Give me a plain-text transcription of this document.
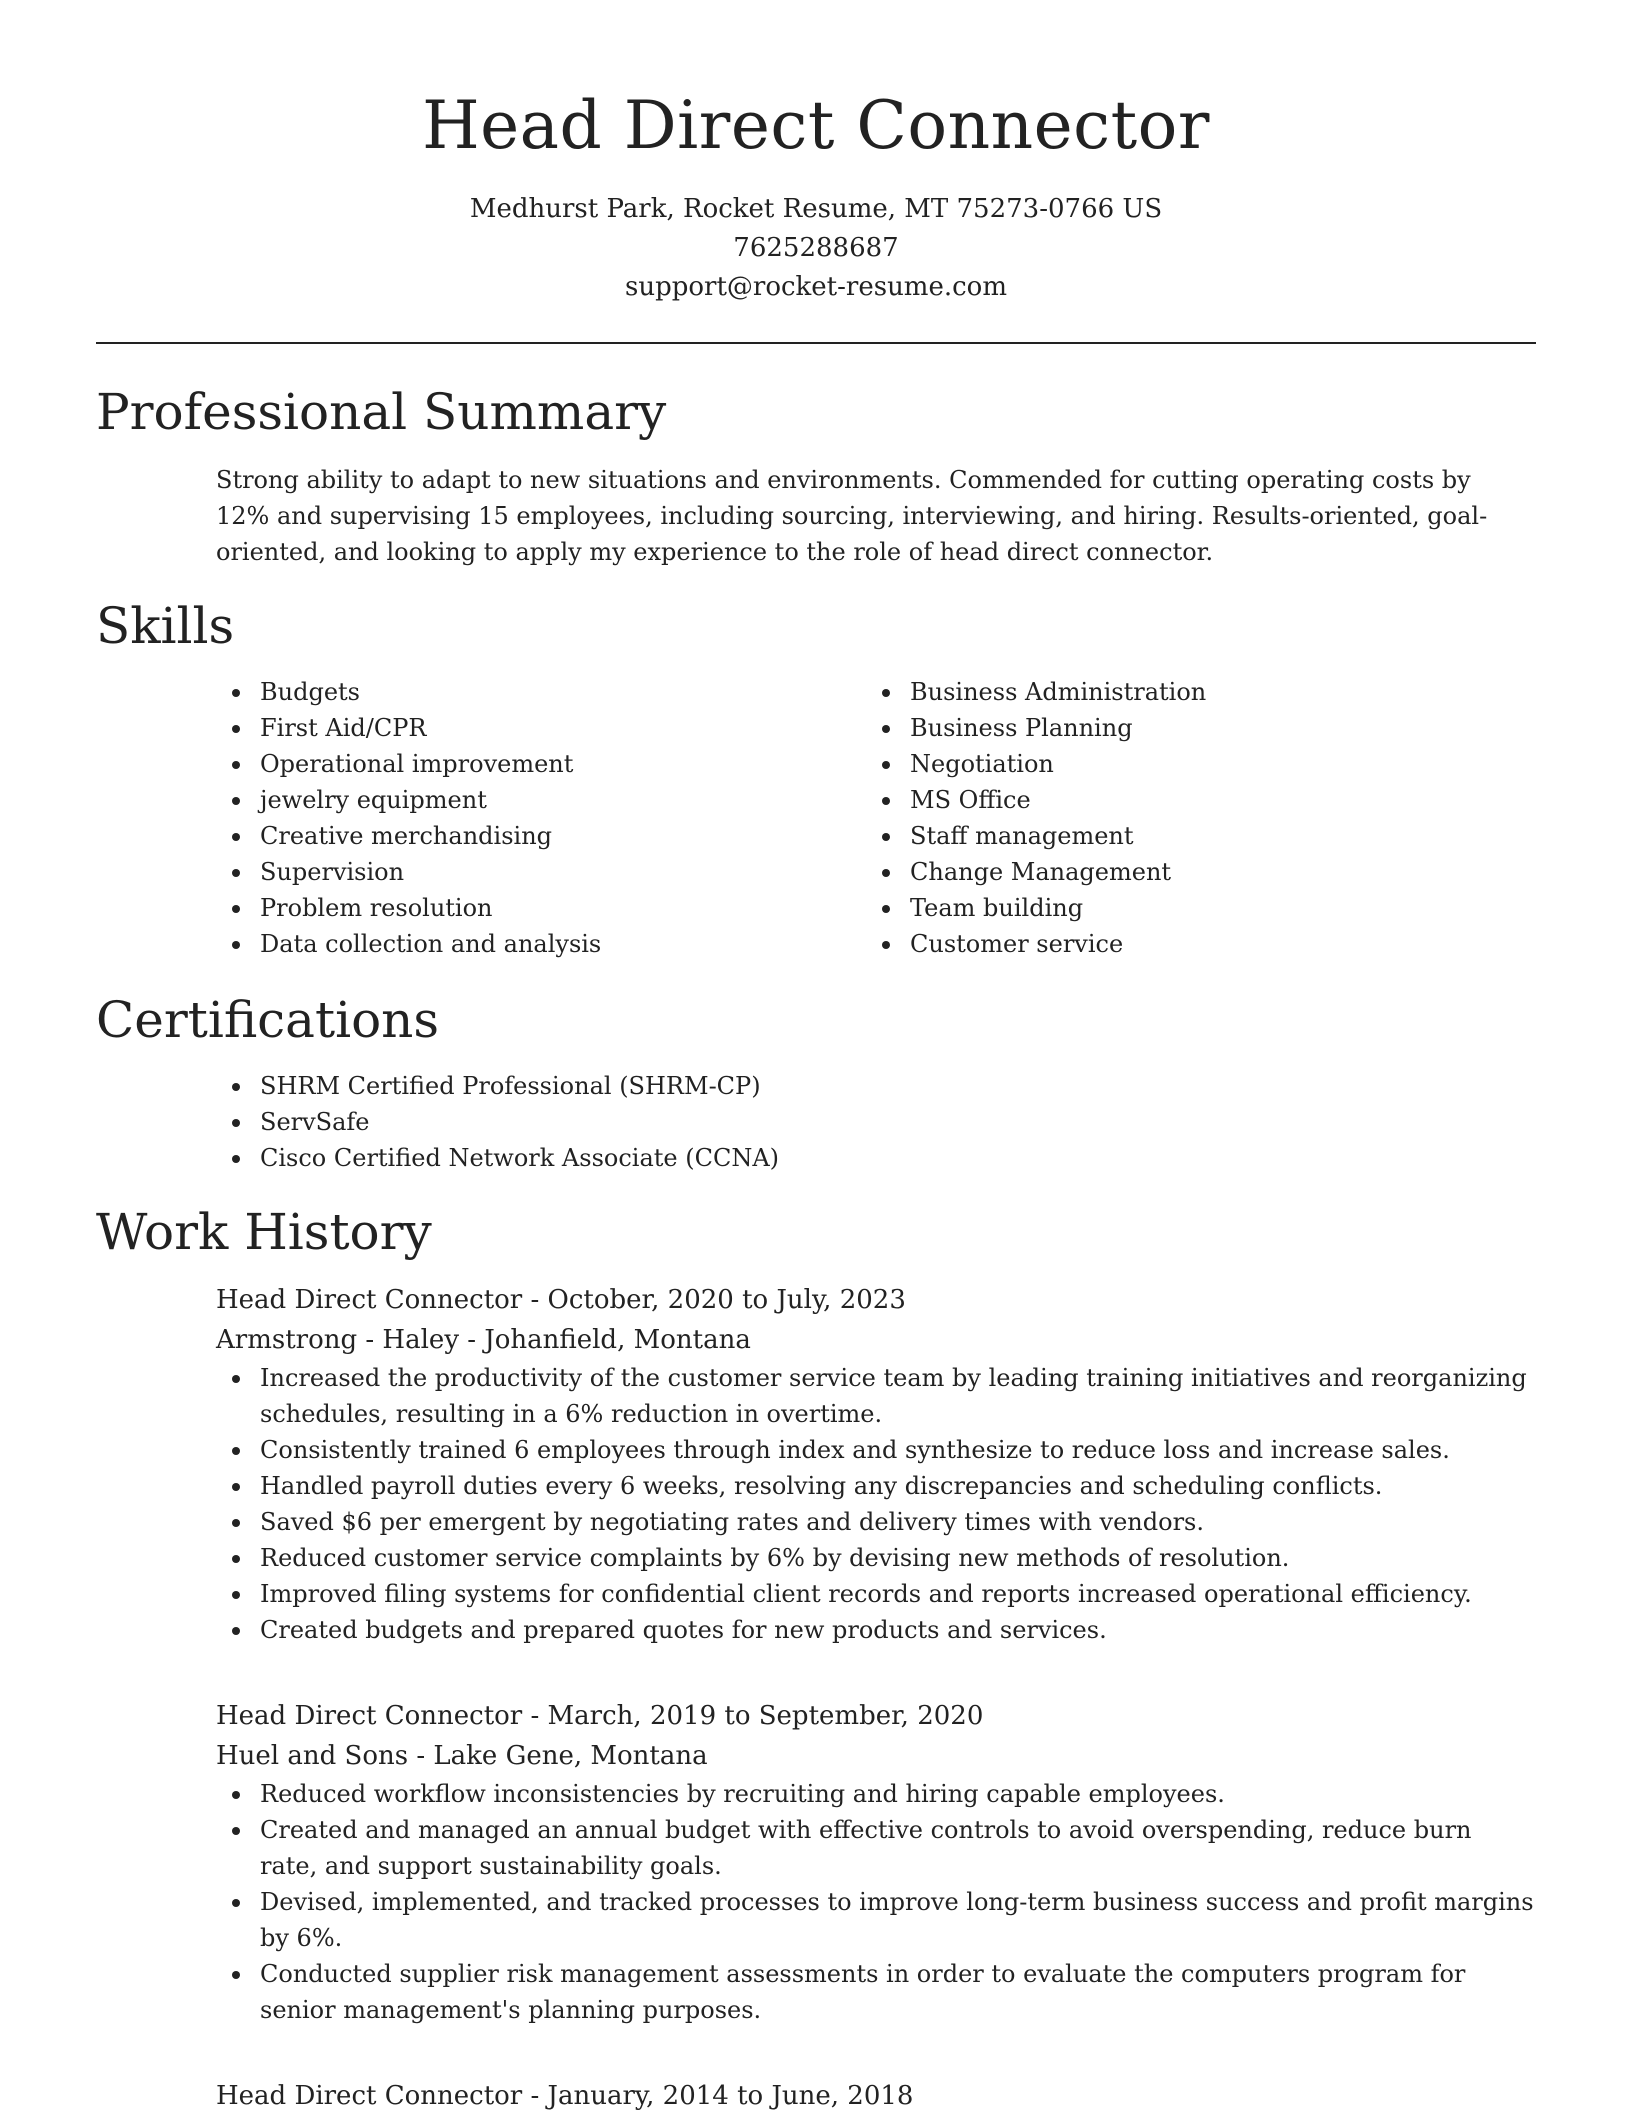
Head Direct Connector
Medhurst Park, Rocket Resume, MT 75273-0766 US
7625288687
support@rocket-resume.com
Professional Summary

Strong ability to adapt to new situations and environments. Commended for cutting operating costs by 12% and supervising 15 employees, including sourcing, interviewing, and hiring. Results-oriented, goal-oriented, and looking to apply my experience to the role of head direct connector.

Skills
Budgets
First Aid/CPR
Operational improvement
jewelry equipment
Creative merchandising
Supervision
Problem resolution
Data collection and analysis
Business Administration
Business Planning
Negotiation
MS Office
Staff management
Change Management
Team building
Customer service
Certifications
SHRM Certified Professional (SHRM-CP)
ServSafe
Cisco Certified Network Associate (CCNA)
Work History
Head Direct Connector - October, 2020 to July, 2023
Armstrong - Haley - Johanfield, Montana
Increased the productivity of the customer service team by leading training initiatives and reorganizing schedules, resulting in a 6% reduction in overtime.
Consistently trained 6 employees through index and synthesize to reduce loss and increase sales.
Handled payroll duties every 6 weeks, resolving any discrepancies and scheduling conflicts.
Saved $6 per emergent by negotiating rates and delivery times with vendors.
Reduced customer service complaints by 6% by devising new methods of resolution.
Improved filing systems for confidential client records and reports increased operational efficiency.
Created budgets and prepared quotes for new products and services.
Head Direct Connector - March, 2019 to September, 2020
Huel and Sons - Lake Gene, Montana
Reduced workflow inconsistencies by recruiting and hiring capable employees.
Created and managed an annual budget with effective controls to avoid overspending, reduce burn rate, and support sustainability goals.
Devised, implemented, and tracked processes to improve long-term business success and profit margins by 6%.
Conducted supplier risk management assessments in order to evaluate the computers program for senior management's planning purposes.
Head Direct Connector - January, 2014 to June, 2018
